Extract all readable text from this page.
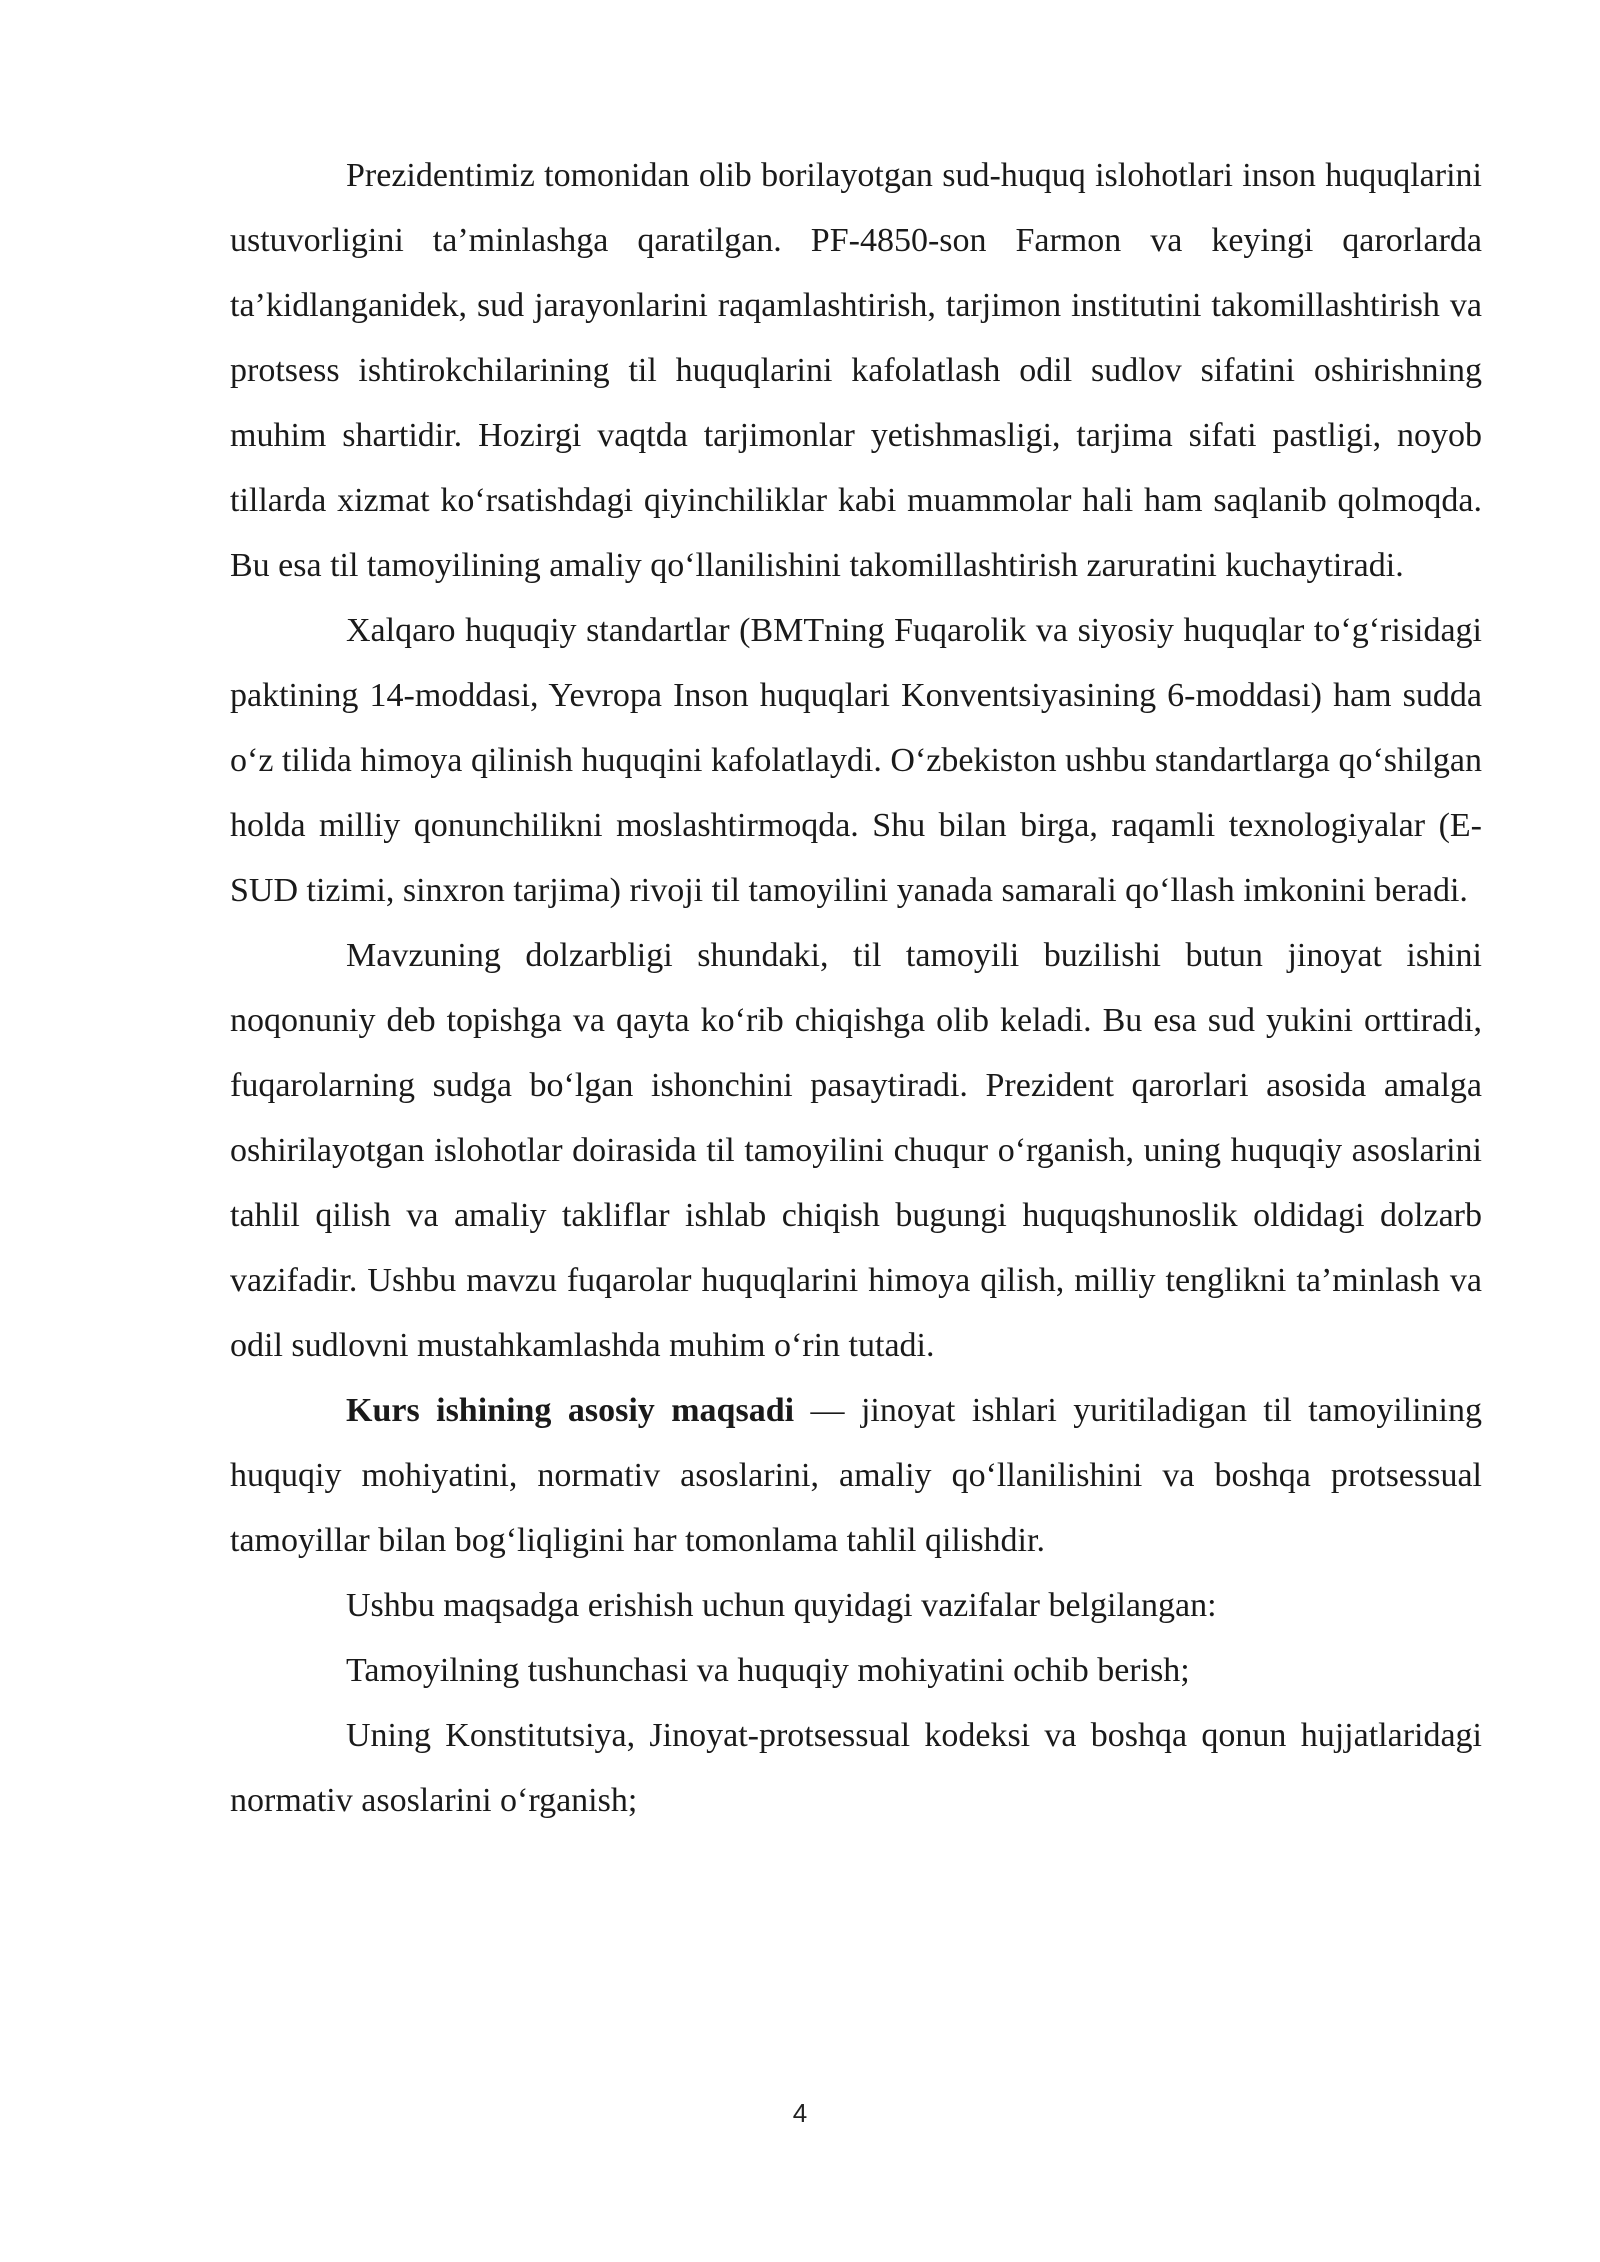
Prezidentimiz tomonidan olib borilayotgan sud-huquq islohotlari inson huquqlarini ustuvorligini ta’minlashga qaratilgan. PF-4850-son Farmon va keyingi qarorlarda ta’kidlanganidek, sud jarayonlarini raqamlashtirish, tarjimon institutini takomillashtirish va protsess ishtirokchilarining til huquqlarini kafolatlash odil sudlov sifatini oshirishning muhim shartidir. Hozirgi vaqtda tarjimonlar yetishmasligi, tarjima sifati pastligi, noyob tillarda xizmat ko‘rsatishdagi qiyinchiliklar kabi muammolar hali ham saqlanib qolmoqda. Bu esa til tamoyilining amaliy qo‘llanilishini takomillashtirish zaruratini kuchaytiradi.

Xalqaro huquqiy standartlar (BMTning Fuqarolik va siyosiy huquqlar to‘g‘risidagi paktining 14-moddasi, Yevropa Inson huquqlari Konventsiyasining 6-moddasi) ham sudda o‘z tilida himoya qilinish huquqini kafolatlaydi. O‘zbekiston ushbu standartlarga qo‘shilgan holda milliy qonunchilikni moslashtirmoqda. Shu bilan birga, raqamli texnologiyalar (E-SUD tizimi, sinxron tarjima) rivoji til tamoyilini yanada samarali qo‘llash imkonini beradi.

Mavzuning dolzarbligi shundaki, til tamoyili buzilishi butun jinoyat ishini noqonuniy deb topishga va qayta ko‘rib chiqishga olib keladi. Bu esa sud yukini orttiradi, fuqarolarning sudga bo‘lgan ishonchini pasaytiradi. Prezident qarorlari asosida amalga oshirilayotgan islohotlar doirasida til tamoyilini chuqur o‘rganish, uning huquqiy asoslarini tahlil qilish va amaliy takliflar ishlab chiqish bugungi huquqshunoslik oldidagi dolzarb vazifadir. Ushbu mavzu fuqarolar huquqlarini himoya qilish, milliy tenglikni ta’minlash va odil sudlovni mustahkamlashda muhim o‘rin tutadi.

Kurs ishining asosiy maqsadi — jinoyat ishlari yuritiladigan til tamoyilining huquqiy mohiyatini, normativ asoslarini, amaliy qo‘llanilishini va boshqa protsessual tamoyillar bilan bog‘liqligini har tomonlama tahlil qilishdir.

Ushbu maqsadga erishish uchun quyidagi vazifalar belgilangan:

Tamoyilning tushunchasi va huquqiy mohiyatini ochib berish;

Uning Konstitutsiya, Jinoyat-protsessual kodeksi va boshqa qonun hujjatlaridagi normativ asoslarini o‘rganish;

4
